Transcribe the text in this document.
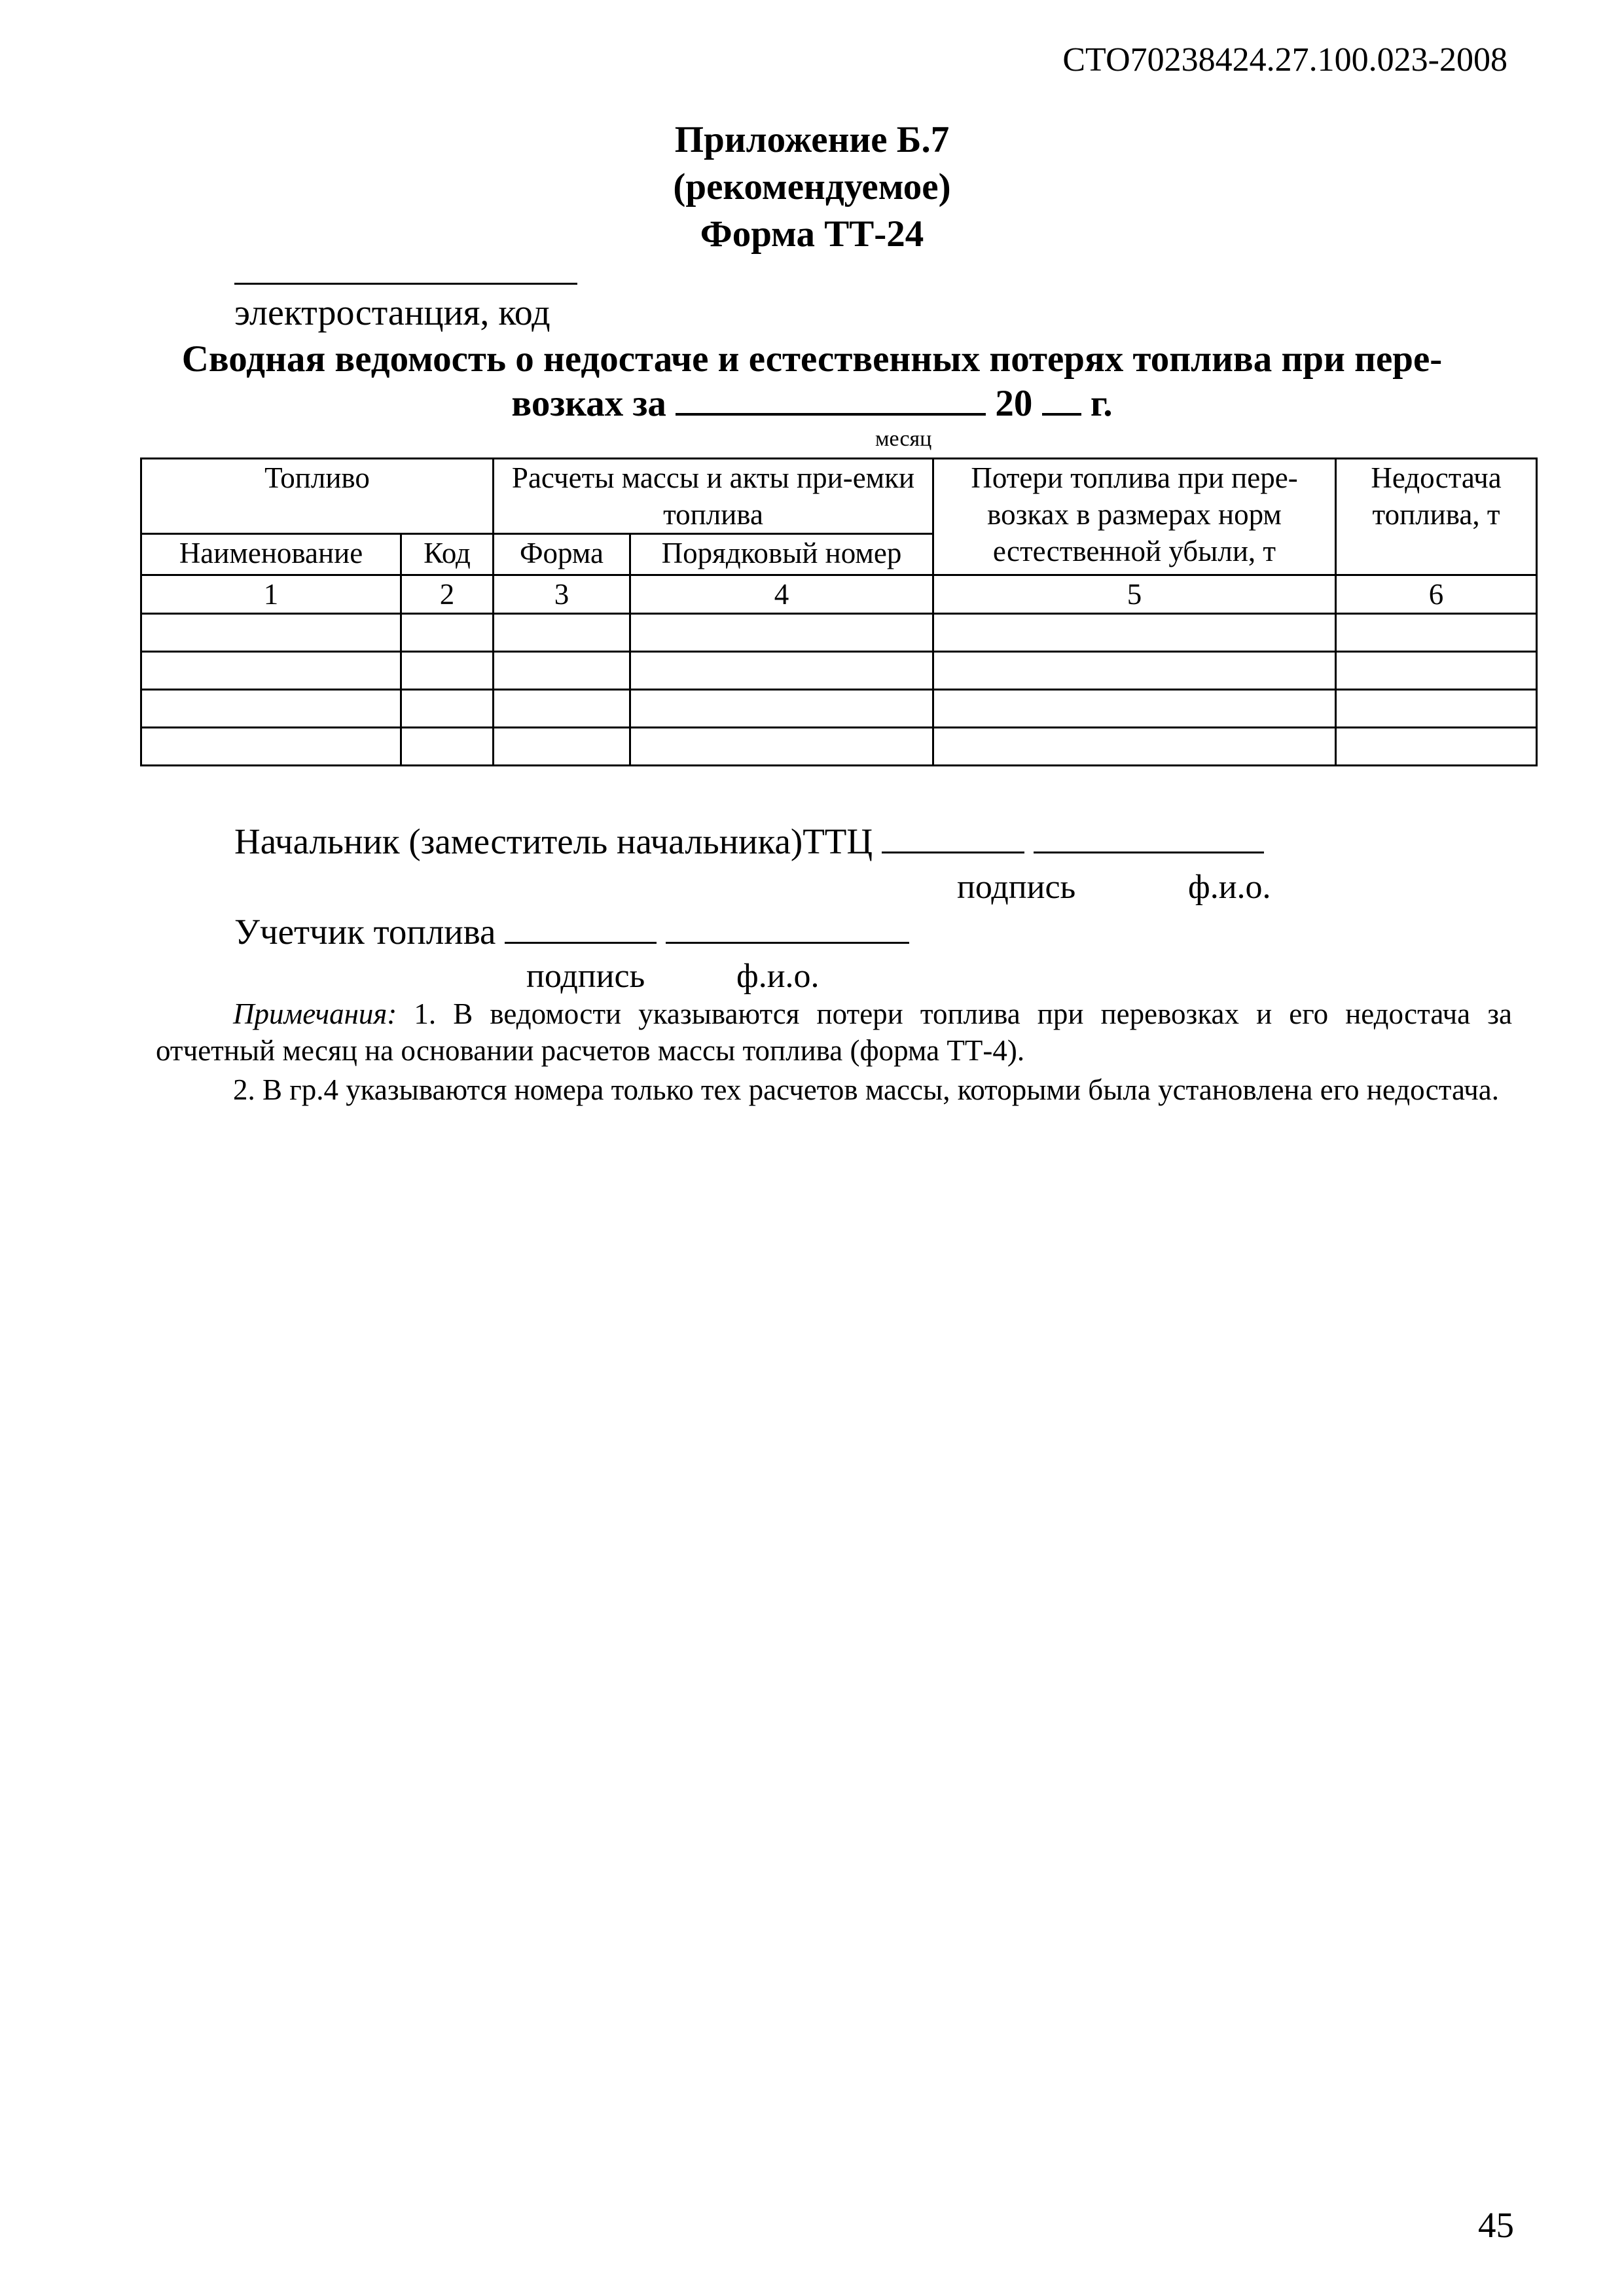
СТО70238424.27.100.023-2008
Приложение Б.7
(рекомендуемое)
Форма ТТ-24
электростанция, код
Сводная ведомость о недостаче и естественных потерях топлива при пере-
возках за	20 г.
месяц
Топливо		Расчеты массы и акты при-емки топлива		Потери топлива при пере-возках в размерах норм естественной убыли, т	Недостача топлива, т
Наименование	Код	Форма	Порядковый номер		
1	2	3	4	5	6

Начальник (заместитель начальника)ТТЦ
подпись	ф.и.о.
Учетчик топлива
подпись	ф.и.о.
Примечания: 1. В ведомости указываются потери топлива при перевозках и его недостача за отчетный месяц на основании расчетов массы топлива (форма ТТ-4).
2. В гр.4 указываются номера только тех расчетов массы, которыми была установлена его недостача.
45
